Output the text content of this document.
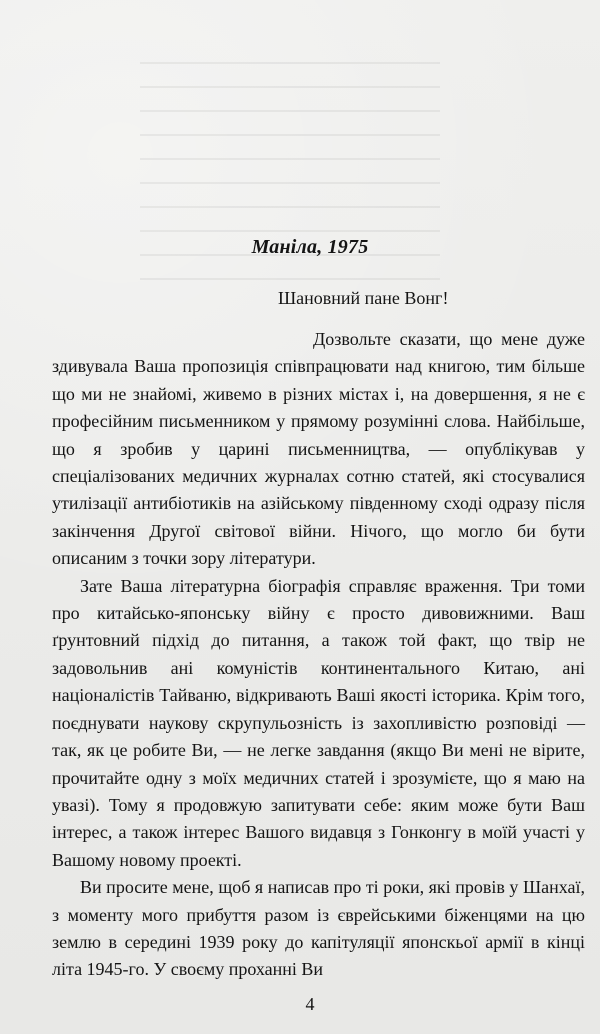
Маніла, 1975
Шановний пане Вонг!

Дозвольте сказати, що мене дуже здивувала Ваша пропозиція співпрацювати над книгою, тим більше що ми не знайомі, живемо в різних містах і, на довершення, я не є професійним письменником у прямому розумінні слова. Найбільше, що я зробив у царині письменництва, — опублікував у спеціалізованих медичних журналах сотню статей, які стосувалися утилізації антибіотиків на азійському південному сході одразу після закінчення Другої світової війни. Нічого, що могло би бути описаним з точки зору літератури.

Зате Ваша літературна біографія справляє враження. Три томи про китайсько-японську війну є просто дивовижними. Ваш ґрунтовний підхід до питання, а також той факт, що твір не задовольнив ані комуністів континентального Китаю, ані націоналістів Тайваню, відкривають Ваші якості історика. Крім того, поєднувати наукову скрупульозність із захопливістю розповіді — так, як це робите Ви, — не легке завдання (якщо Ви мені не вірите, прочитайте одну з моїх медичних статей і зрозумієте, що я маю на увазі). Тому я продовжую запитувати себе: яким може бути Ваш інтерес, а також інтерес Вашого видавця з Гонконгу в моїй участі у Вашому новому проекті.

Ви просите мене, щоб я написав про ті роки, які провів у Шанхаї, з моменту мого прибуття разом із єврейськими біженцями на цю землю в середині 1939 року до капітуляції японскьої армії в кінці літа 1945-го. У своєму проханні Ви

4
